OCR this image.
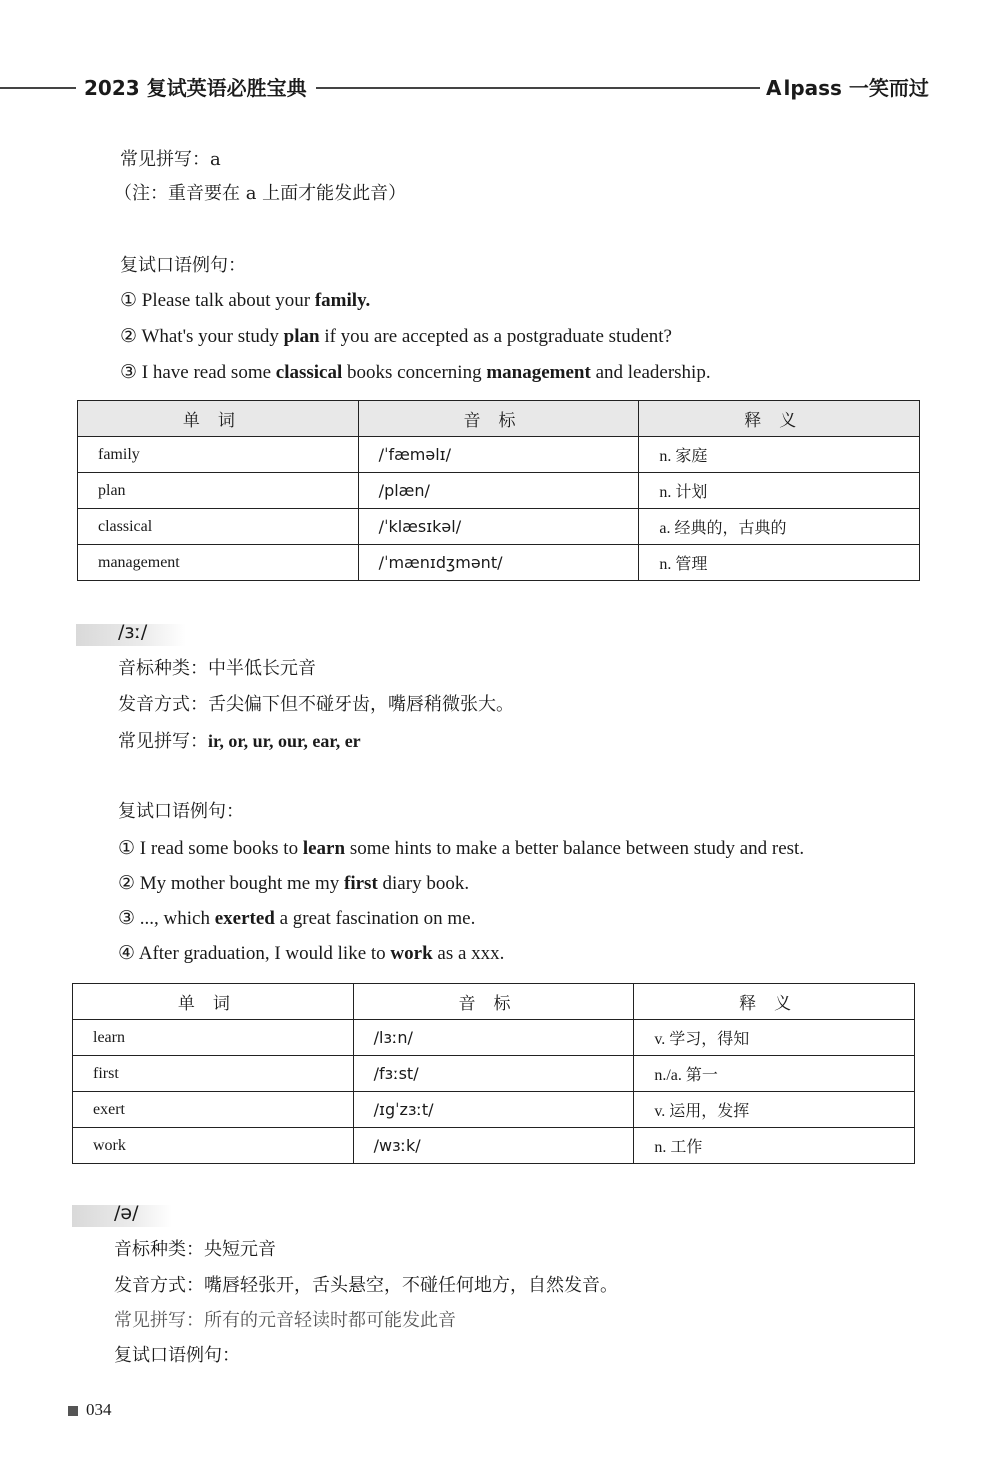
2023 复试英语必胜宝典	A lpass 一笑而过
常见拼写：a
（注：重音要在 a 上面才能发此音）
复试口语例句：
① Please talk about your family.
② What's your study plan if you are accepted as a postgraduate student?
③ I have read some classical books concerning management and leadership.
单词	音标	释义
family	/ˈfæməlɪ/	n. 家庭
plan	/plæn/	n. 计划
classical	/ˈklæsɪkəl/	a. 经典的，古典的
management	/ˈmænɪdʒmənt/	n. 管理
/ɜː/
音标种类：中半低长元音
发音方式：舌尖偏下但不碰牙齿，嘴唇稍微张大。
常见拼写：ir, or, ur, our, ear, er
复试口语例句：
① I read some books to learn some hints to make a better balance between study and rest.
② My mother bought me my first diary book.
③ ..., which exerted a great fascination on me.
④ After graduation, I would like to work as a xxx.
单词	音标	释义
learn	/lɜːn/	v. 学习，得知
first	/fɜːst/	n./a. 第一
exert	/ɪgˈzɜːt/	v. 运用，发挥
work	/wɜːk/	n. 工作
/ə/
音标种类：央短元音
发音方式：嘴唇轻张开，舌头悬空，不碰任何地方，自然发音。
常见拼写：所有的元音轻读时都可能发此音
复试口语例句：
034
